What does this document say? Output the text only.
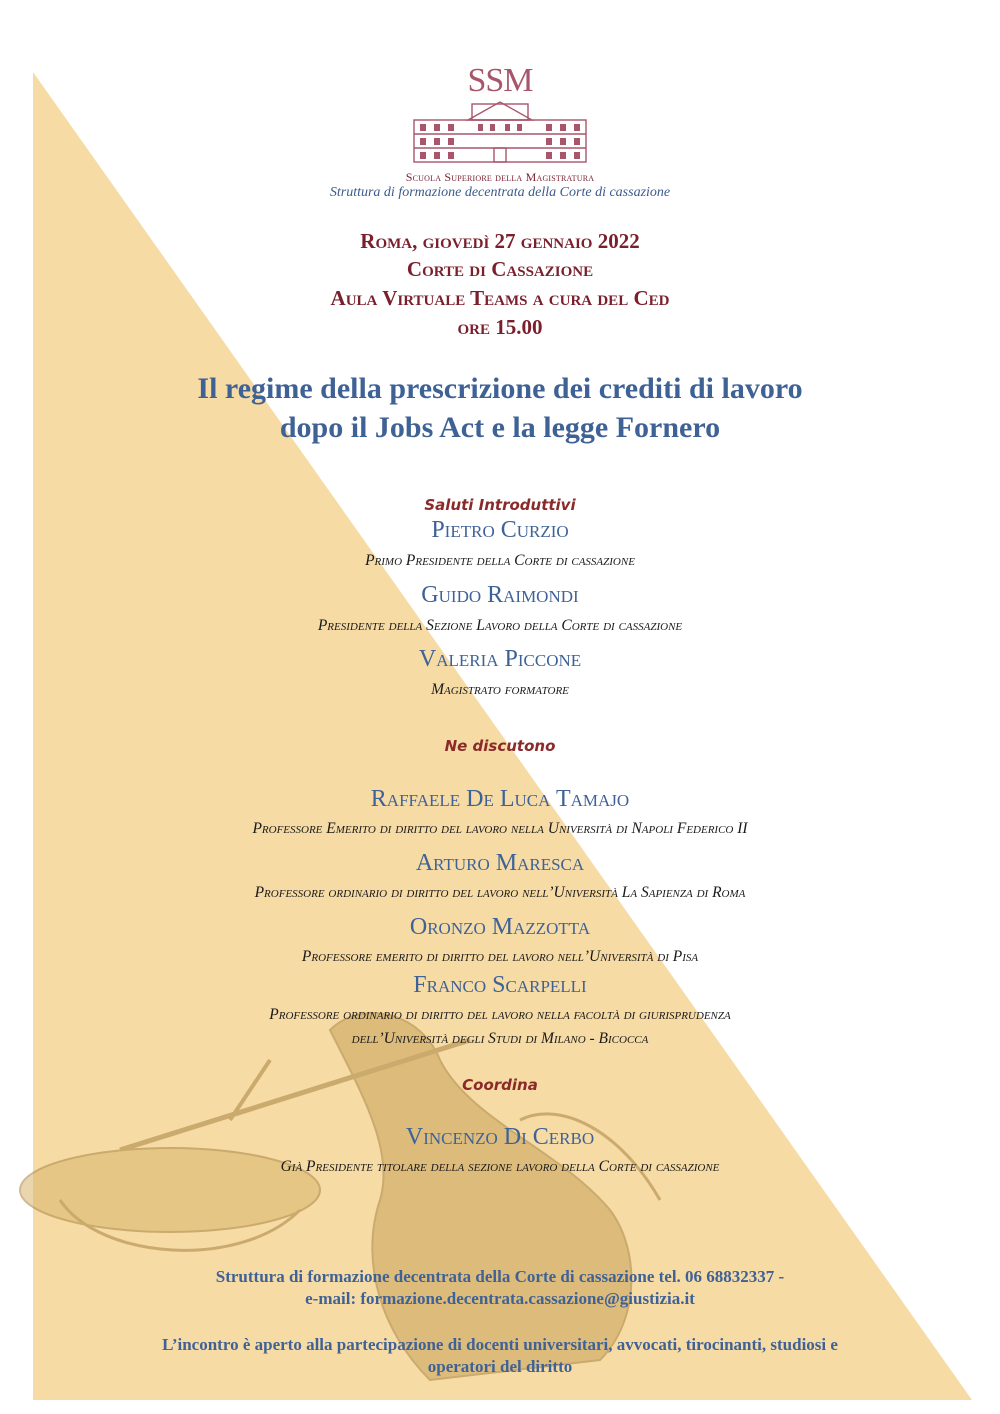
SSM
Scuola Superiore della Magistratura
Struttura di formazione decentrata della Corte di cassazione
Roma, giovedì 27 gennaio 2022
Corte di Cassazione
Aula Virtuale Teams a cura del Ced
ore 15.00
Il regime della prescrizione dei crediti di lavoro
dopo il Jobs Act e la legge Fornero
Saluti Introduttivi
Pietro Curzio
Primo Presidente della Corte di cassazione
Guido Raimondi
Presidente della Sezione Lavoro della Corte di cassazione
Valeria Piccone
Magistrato formatore
Ne discutono
Raffaele De Luca Tamajo
Professore Emerito di diritto del lavoro nella Università di Napoli Federico II
Arturo Maresca
Professore ordinario di diritto del lavoro nell’Università La Sapienza di Roma
Oronzo Mazzotta
Professore emerito di diritto del lavoro nell’Università di Pisa
Franco Scarpelli
Professore ordinario di diritto del lavoro nella facoltà di giurisprudenza
dell’Università degli Studi di Milano - Bicocca
Coordina
Vincenzo Di Cerbo
Già Presidente titolare della sezione lavoro della Corte di cassazione
Struttura di formazione decentrata della Corte di cassazione tel. 06 68832337 -
e-mail: formazione.decentrata.cassazione@giustizia.it
L’incontro è aperto alla partecipazione di docenti universitari, avvocati, tirocinanti, studiosi e
operatori del diritto
